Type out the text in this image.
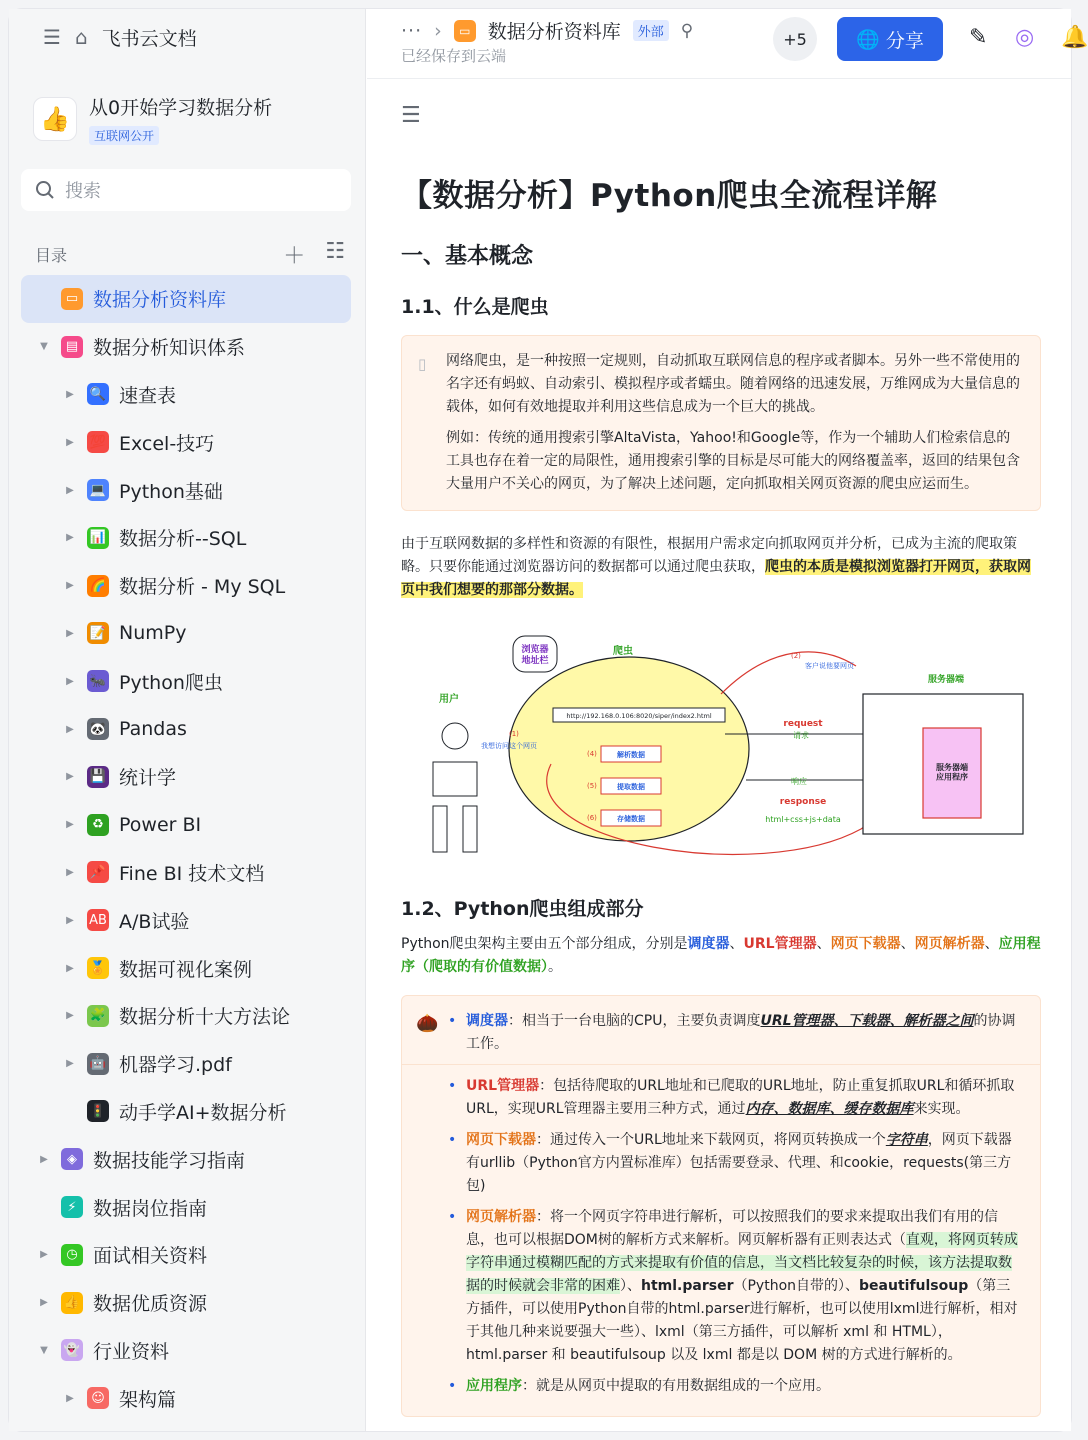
☰ ⌂ 飞书云文档
👍	从0开始学习数据分析
互联网公开
搜索
目录	＋ ☷
▭ 数据分析资料库
▼	▤ 数据分析知识体系
▶ 🔍 速查表
▶ 💯 Excel-技巧
▶ 💻 Python基础
▶ 📊 数据分析--SQL
▶ 🌈 数据分析 - My SQL
▶ 📝 NumPy
▶ 🐜 Python爬虫
▶ 🐼 Pandas
▶ 💾 统计学
▶	♻ Power BI
▶ 📌 Fine BI 技术文档
▶ AB A/B试验
▶ 🏅 数据可视化案例
▶ 🧩 数据分析十大方法论
▶ 🤖 机器学习.pdf
🚦 动手学AI+数据分析
▶	◈ 数据技能学习指南
⚡ 数据岗位指南
▶	◷ 面试相关资料
▶ 👍 数据优质资源
▼ 👻 行业资料
▶	☺ 架构篇
··· ›	▭ 数据分析资料库	外部 ⚲
已经保存到云端
+5	🌐 分享 ✎ ◎ 🔔
☰
【数据分析】Python爬虫全流程详解
一、基本概念
1.1、什么是爬虫
▯ 网络爬虫，是一种按照一定规则，自动抓取互联网信息的程序或者脚本。另外一些不常使用的名字还有蚂蚁、自动索引、模拟程序或者蠕虫。随着网络的迅速发展，万维网成为大量信息的载体，如何有效地提取并利用这些信息成为一个巨大的挑战。

例如：传统的通用搜索引擎AltaVista，Yahoo!和Google等，作为一个辅助人们检索信息的工具也存在着一定的局限性，通用搜索引擎的目标是尽可能大的网络覆盖率，返回的结果包含大量用户不关心的网页，为了解决上述问题，定向抓取相关网页资源的爬虫应运而生。

由于互联网数据的多样性和资源的有限性，根据用户需求定向抓取网页并分析，已成为主流的爬取策略。只要你能通过浏览器访问的数据都可以通过爬虫获取，爬虫的本质是模拟浏览器打开网页，获取网页中我们想要的那部分数据。
浏览器地址栏
爬虫
用户
http://192.168.0.106:8020/siper/index2.html
(1)
我想访问这个网页
(2)
客户说他要网页
服务器端
服务器端应用程序
request
请求
响应
response
html+css+js+data
(4)	解析数据
(5)	提取数据
(6)	存储数据
1.2、Python爬虫组成部分
Python爬虫架构主要由五个部分组成，分别是调度器、URL管理器、网页下载器、网页解析器、应用程序（爬取的有价值数据）。
🌰
• 调度器：相当于一台电脑的CPU，主要负责调度URL管理器、下载器、解析器之间的协调工作。
• URL管理器：包括待爬取的URL地址和已爬取的URL地址，防止重复抓取URL和循环抓取URL，实现URL管理器主要用三种方式，通过内存、数据库、缓存数据库来实现。
• 网页下载器：通过传入一个URL地址来下载网页，将网页转换成一个字符串，网页下载器有urllib（Python官方内置标准库）包括需要登录、代理、和cookie，requests(第三方包)
• 网页解析器：将一个网页字符串进行解析，可以按照我们的要求来提取出我们有用的信息，也可以根据DOM树的解析方式来解析。网页解析器有正则表达式（直观，将网页转成字符串通过模糊匹配的方式来提取有价值的信息，当文档比较复杂的时候，该方法提取数据的时候就会非常的困难）、html.parser（Python自带的）、beautifulsoup（第三方插件，可以使用Python自带的html.parser进行解析，也可以使用lxml进行解析，相对于其他几种来说要强大一些）、lxml（第三方插件，可以解析 xml 和 HTML），html.parser 和 beautifulsoup 以及 lxml 都是以 DOM 树的方式进行解析的。
• 应用程序：就是从网页中提取的有用数据组成的一个应用。
